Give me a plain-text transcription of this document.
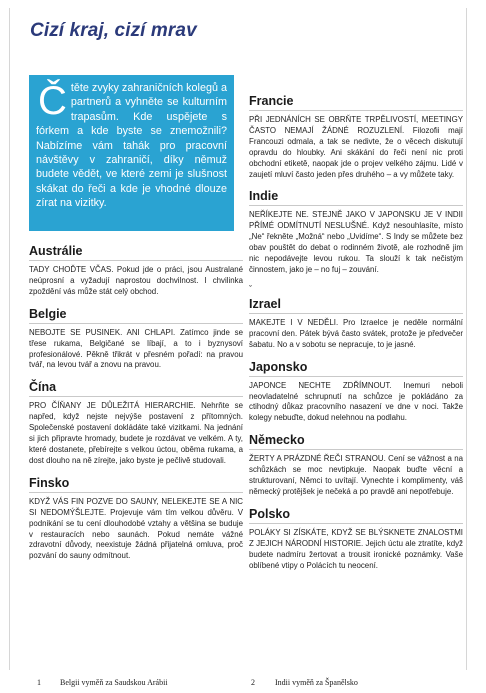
Cizí kraj, cizí mrav
Čtěte zvyky zahraničních kolegů a partnerů a vyhněte se kulturním trapasům. Kde uspějete s fórkem a kde byste se znemožnili? Nabízíme vám tahák pro pracovní návštěvy v zahraničí, díky němuž budete vědět, ve které zemi je slušnost skákat do řeči a kde je vhodné dlouze zírat na vizitky.
Austrálie

TADY CHOĎTE VČAS. Pokud jde o práci, jsou Australané neúprosní a vyžadují naprostou dochvilnost. I chvilinka zpoždění vás může stát celý obchod.

Belgie

NEBOJTE SE PUSINEK. ANI CHLAPI. Zatímco jinde se třese rukama, Belgičané se líbají, a to i byznysoví profesionálové. Pěkně třikrát v přesném pořadí: na pravou tvář, na levou tvář a znovu na pravou.

Čína

PRO ČÍŇANY JE DŮLEŽITÁ HIERARCHIE. Nehrňte se napřed, když nejste nejvýše postavení z přítomných. Společenské postavení dokládáte také vizitkami. Na jednání si jich připravte hromady, budete je rozdávat ve velkém. A ty, které dostanete, přebírejte s velkou úctou, oběma rukama, a dost dlouho na ně zírejte, jako byste je pečlivě studovali.

Finsko

KDYŽ VÁS FIN POZVE DO SAUNY, NELEKEJTE SE A NIC SI NEDOMÝŠLEJTE. Projevuje vám tím velkou důvěru. V podnikání se tu cení dlouhodobé vztahy a většina se buduje v restauracích nebo saunách. Pokud nemáte vážné zdravotní důvody, neexistuje žádná přijatelná omluva, proč pozvání do sauny odmítnout.

Francie

PŘI JEDNÁNÍCH SE OBRŇTE TRPĚLIVOSTÍ, MEETINGY ČASTO NEMAJÍ ŽÁDNÉ ROZUZLENÍ. Filozofii mají Francouzi odmala, a tak se nedivte, že o věcech diskutují opravdu do hloubky. Ani skákání do řeči není nic proti obchodní etiketě, naopak jde o projev velkého zájmu. Lidé v zaujetí mluví často jeden přes druhého – a vy můžete taky.

Indie

NEŘÍKEJTE NE. STEJNĚ JAKO V JAPONSKU JE V INDII PŘÍMÉ ODMÍTNUTÍ NESLUŠNÉ. Když nesouhlasíte, místo „Ne“ řekněte „Možná“ nebo „Uvidíme“. S Indy se můžete bez obav pouštět do debat o rodinném životě, ale rozhodně jim nic nepodávejte levou rukou. Ta slouží k tak nečistým činnostem, jako je – no fuj – zouvání.

ˇ
Izrael

MAKEJTE I V NEDĚLI. Pro Izraelce je neděle normální pracovní den. Pátek bývá často svátek, protože je předvečer šabatu. No a v sobotu se nepracuje, to je jasné.

Japonsko

JAPONCE NECHTE ZDŘÍMNOUT. Inemuri neboli neovladatelné schrupnutí na schůzce je pokládáno za ctihodný důkaz pracovního nasazení ve dne v noci. Takže kolegy nebuďte, dokud nelehnou na podlahu.

Německo

ŽERTY A PRÁZDNÉ ŘEČI STRANOU. Cení se vážnost a na schůzkách se moc nevtipkuje. Naopak buďte věcní a strukturovaní, Němci to uvítají. Vynechte i komplimenty, váš německý protějšek je nečeká a po pravdě ani nepotřebuje.

Polsko

POLÁKY SI ZÍSKÁTE, KDYŽ SE BLÝSKNETE ZNALOSTMI Z JEJICH NÁRODNÍ HISTORIE. Jejich úctu ale ztratíte, když budete nadmíru žertovat a trousit ironické poznámky. Vaše oblíbené vtipy o Polácích tu neocení.

1 Belgii vyměň za Saudskou Arábii	2	Indii vyměň za Španělsko
